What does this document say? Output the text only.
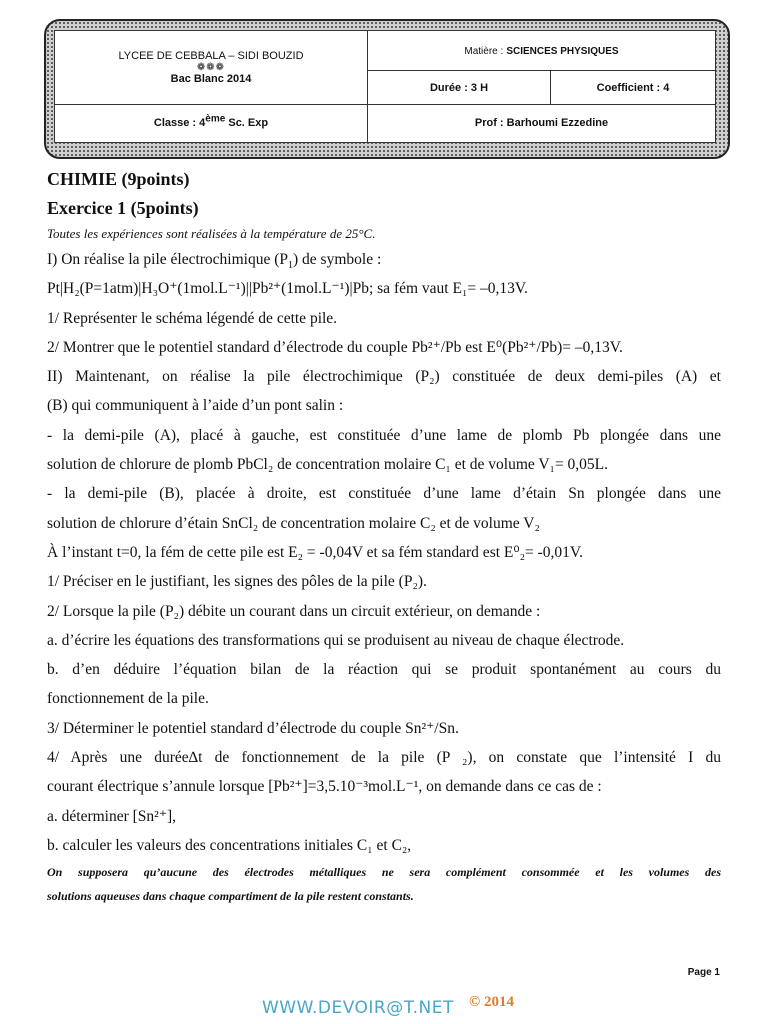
LYCEE DE CEBBALA – SIDI BOUZID
❁❁❁
Bac Blanc 2014	Matière : SCIENCES PHYSIQUES	
	Durée : 3 H	Coefficient : 4
Classe : 4ème Sc. Exp	Prof : Barhoumi Ezzedine	
CHIMIE (9points)
Exercice 1 (5points)
Toutes les expériences sont réalisées à la température de 25°C.
I) On réalise la pile électrochimique $(P_1)$ de symbole :
Pt|H₂(P=1atm)|H₃O⁺(1mol.L⁻¹)||Pb²⁺(1mol.L⁻¹)|Pb; sa fém vaut E₁= –0,13V.
1/ Représenter le schéma légendé de cette pile.
2/ Montrer que le potentiel standard d’électrode du couple Pb²⁺/Pb est E⁰(Pb²⁺/Pb)= –0,13V.
II) Maintenant, on réalise la pile électrochimique (P₂) constituée de deux demi-piles (A) et
(B) qui communiquent à l’aide d’un pont salin :
- la demi-pile (A), placé à gauche, est constituée d’une lame de plomb Pb plongée dans une
solution de chlorure de plomb PbCl₂ de concentration molaire C₁ et de volume V₁= 0,05L.
- la demi-pile (B), placée à droite, est constituée d’une lame d’étain Sn plongée dans une
solution de chlorure d’étain SnCl₂ de concentration molaire C₂ et de volume V₂
À l’instant t=0, la fém de cette pile est E₂ = -0,04V et sa fém standard est E⁰₂= -0,01V.
1/ Préciser en le justifiant, les signes des pôles de la pile (P₂).
2/ Lorsque la pile (P₂) débite un courant dans un circuit extérieur, on demande :
a. d’écrire les équations des transformations qui se produisent au niveau de chaque électrode.
b. d’en déduire l’équation bilan de la réaction qui se produit spontanément au cours du
fonctionnement de la pile.
3/ Déterminer le potentiel standard d’électrode du couple Sn²⁺/Sn.
4/ Après une durée∆t de fonctionnement de la pile (P ₂), on constate que l’intensité I du
courant électrique s’annule lorsque [Pb²⁺]=3,5.10⁻³mol.L⁻¹, on demande dans ce cas de :
a. déterminer [Sn²⁺],
b. calculer les valeurs des concentrations initiales C₁ et C₂,
On supposera qu’aucune des électrodes métalliques ne sera complément consommée et les volumes des
solutions aqueuses dans chaque compartiment de la pile restent constants.
Page 1
WWW.DEVOIR@T.NET © 2014
